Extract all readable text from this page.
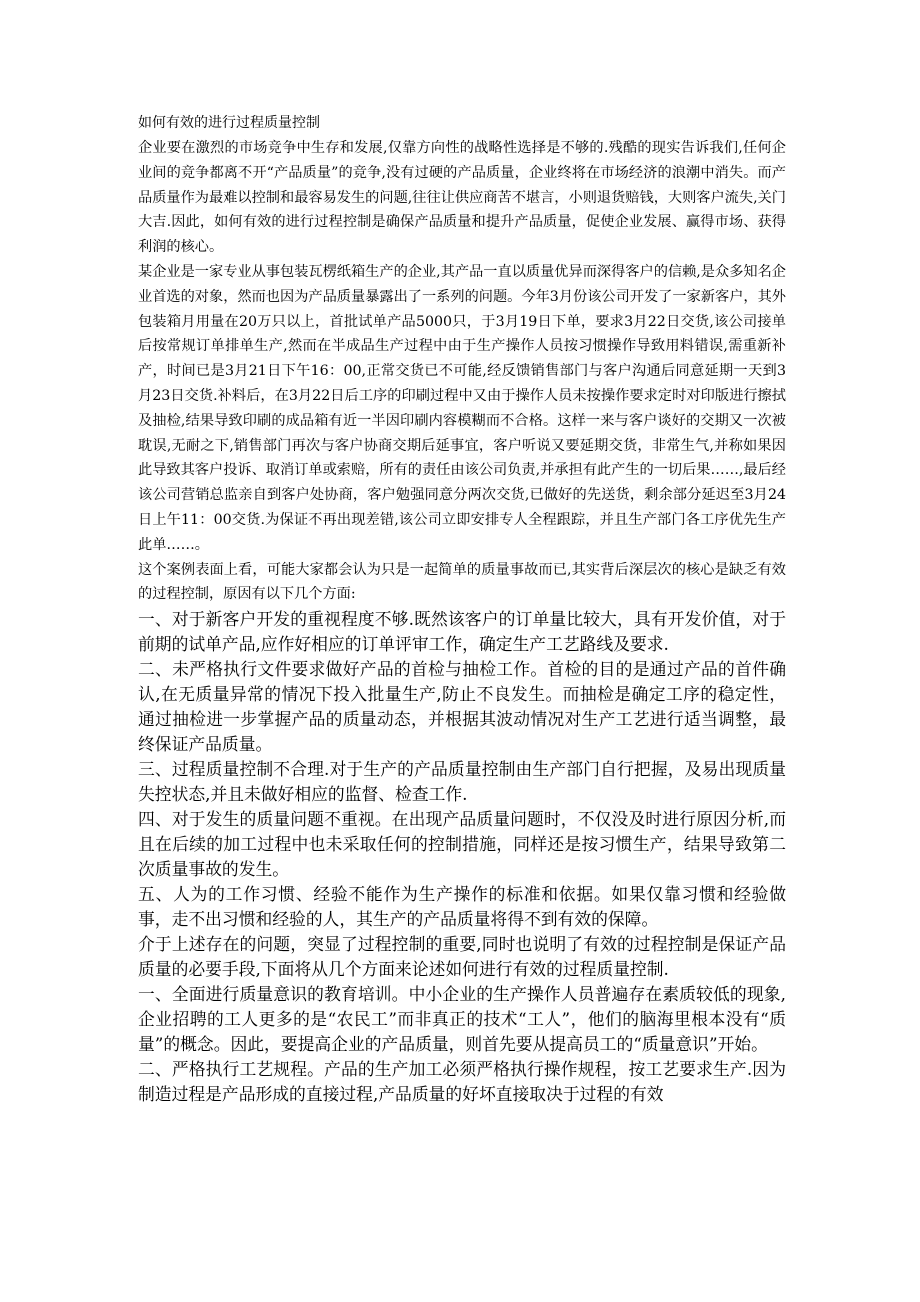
如何有效的进行过程质量控制

企业要在激烈的市场竞争中生存和发展,仅靠方向性的战略性选择是不够的.残酷的现实告诉我们,任何企业间的竞争都离不开“产品质量”的竞争,没有过硬的产品质量，企业终将在市场经济的浪潮中消失。而产品质量作为最难以控制和最容易发生的问题,往往让供应商苦不堪言，小则退货赔钱，大则客户流失,关门大吉.因此，如何有效的进行过程控制是确保产品质量和提升产品质量，促使企业发展、赢得市场、获得利润的核心。

某企业是一家专业从事包装瓦楞纸箱生产的企业,其产品一直以质量优异而深得客户的信赖,是众多知名企业首选的对象，然而也因为产品质量暴露出了一系列的问题。今年3月份该公司开发了一家新客户，其外包装箱月用量在20万只以上，首批试单产品5000只，于3月19日下单，要求3月22日交货,该公司接单后按常规订单排单生产,然而在半成品生产过程中由于生产操作人员按习惯操作导致用料错误,需重新补产，时间已是3月21日下午16：00,正常交货已不可能,经反馈销售部门与客户沟通后同意延期一天到3月23日交货.补料后，在3月22日后工序的印刷过程中又由于操作人员未按操作要求定时对印版进行擦拭及抽检,结果导致印刷的成品箱有近一半因印刷内容模糊而不合格。这样一来与客户谈好的交期又一次被耽误,无耐之下,销售部门再次与客户协商交期后延事宜，客户听说又要延期交货，非常生气,并称如果因此导致其客户投诉、取消订单或索赔，所有的责任由该公司负责,并承担有此产生的一切后果……,最后经该公司营销总监亲自到客户处协商，客户勉强同意分两次交货,已做好的先送货，剩余部分延迟至3月24日上午11：00交货.为保证不再出现差错,该公司立即安排专人全程跟踪，并且生产部门各工序优先生产此单……。

这个案例表面上看，可能大家都会认为只是一起简单的质量事故而已,其实背后深层次的核心是缺乏有效的过程控制，原因有以下几个方面:

一、对于新客户开发的重视程度不够.既然该客户的订单量比较大，具有开发价值，对于前期的试单产品,应作好相应的订单评审工作，确定生产工艺路线及要求.

二、未严格执行文件要求做好产品的首检与抽检工作。首检的目的是通过产品的首件确认,在无质量异常的情况下投入批量生产,防止不良发生。而抽检是确定工序的稳定性，通过抽检进一步掌握产品的质量动态，并根据其波动情况对生产工艺进行适当调整，最终保证产品质量。

三、过程质量控制不合理.对于生产的产品质量控制由生产部门自行把握，及易出现质量失控状态,并且未做好相应的监督、检查工作.

四、对于发生的质量问题不重视。在出现产品质量问题时，不仅没及时进行原因分析,而且在后续的加工过程中也未采取任何的控制措施，同样还是按习惯生产，结果导致第二次质量事故的发生。

五、人为的工作习惯、经验不能作为生产操作的标准和依据。如果仅靠习惯和经验做事，走不出习惯和经验的人，其生产的产品质量将得不到有效的保障。

介于上述存在的问题，突显了过程控制的重要,同时也说明了有效的过程控制是保证产品质量的必要手段,下面将从几个方面来论述如何进行有效的过程质量控制.

一、全面进行质量意识的教育培训。中小企业的生产操作人员普遍存在素质较低的现象,企业招聘的工人更多的是“农民工”而非真正的技术“工人”，他们的脑海里根本没有“质量”的概念。因此，要提高企业的产品质量，则首先要从提高员工的“质量意识”开始。

二、严格执行工艺规程。产品的生产加工必须严格执行操作规程，按工艺要求生产.因为制造过程是产品形成的直接过程,产品质量的好坏直接取决于过程的有效
